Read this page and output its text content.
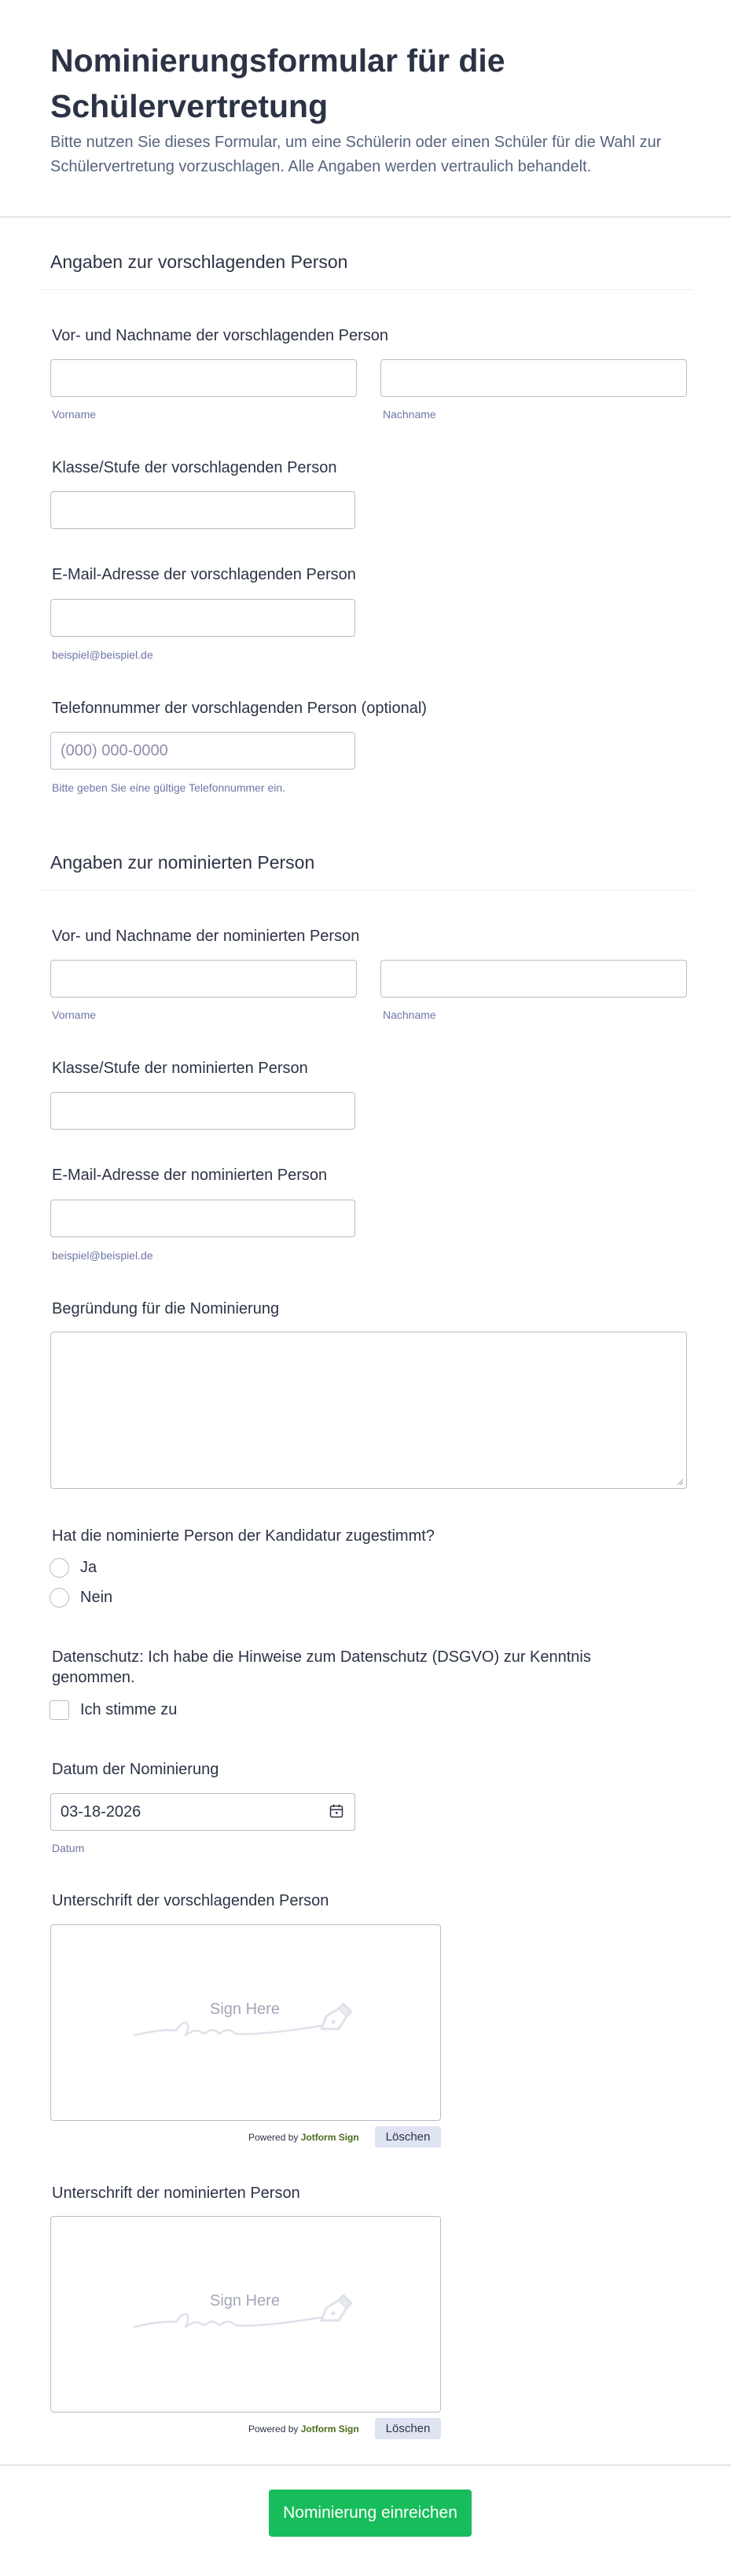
Nominierungsformular für die Schülervertretung

Bitte nutzen Sie dieses Formular, um eine Schülerin oder einen Schüler für die Wahl zur Schülervertretung vorzuschlagen. Alle Angaben werden vertraulich behandelt.

Angaben zur vorschlagenden Person
Vor- und Nachname der vorschlagenden Person
Vorname	Nachname
Klasse/Stufe der vorschlagenden Person
E-Mail-Adresse der vorschlagenden Person
beispiel@beispiel.de
Telefonnummer der vorschlagenden Person (optional)
(000) 000-0000
Bitte geben Sie eine gültige Telefonnummer ein.
Angaben zur nominierten Person
Vor- und Nachname der nominierten Person
Vorname	Nachname
Klasse/Stufe der nominierten Person
E-Mail-Adresse der nominierten Person
beispiel@beispiel.de
Begründung für die Nominierung
Hat die nominierte Person der Kandidatur zugestimmt?
Ja
Nein
Datenschutz: Ich habe die Hinweise zum Datenschutz (DSGVO) zur Kenntnis genommen.
Ich stimme zu
Datum der Nominierung
03-18-2026
Datum
Unterschrift der vorschlagenden Person
Sign Here
Powered by Jotform Sign	Löschen
Unterschrift der nominierten Person
Sign Here
Powered by Jotform Sign	Löschen
Nominierung einreichen
